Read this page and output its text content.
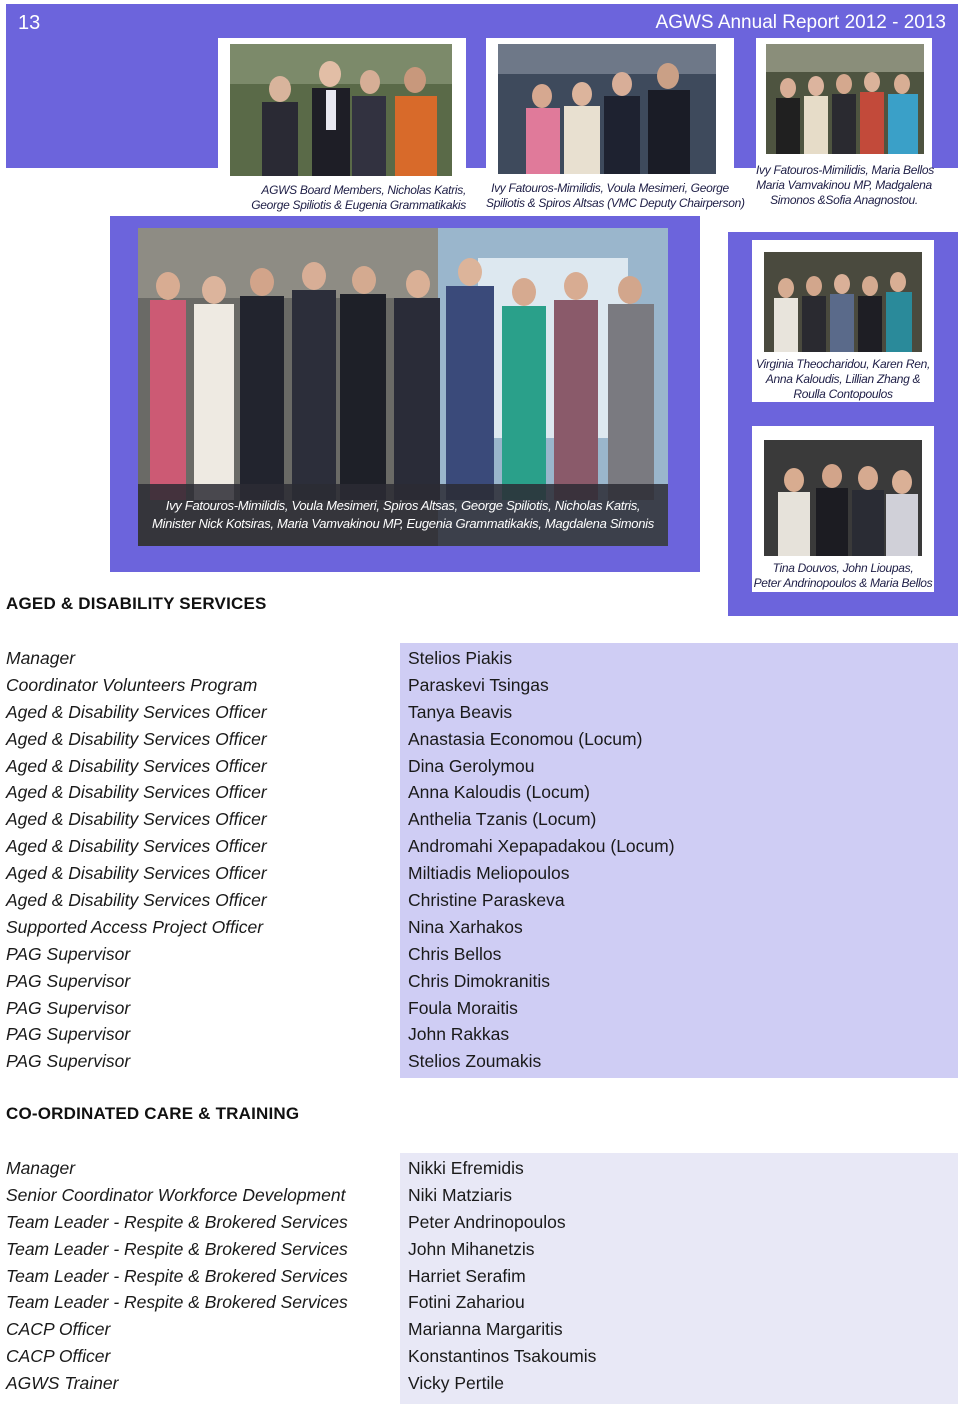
13	AGWS Annual Report 2012 - 2013
AGWS Board Members, Nicholas Katris,
George Spiliotis & Eugenia Grammatikakis
Ivy Fatouros-Mimilidis, Voula Mesimeri, George
Spiliotis & Spiros Altsas (VMC Deputy Chairperson)
Ivy Fatouros-Mimilidis, Maria Bellos
Maria Vamvakinou MP, Madgalena
Simonos &Sofia Anagnostou.
Ivy Fatouros-Mimilidis, Voula Mesimeri, Spiros Altsas, George Spiliotis, Nicholas Katris,
Minister Nick Kotsiras, Maria Vamvakinou MP, Eugenia Grammatikakis, Magdalena Simonis
Virginia Theocharidou, Karen Ren,
Anna Kaloudis, Lillian Zhang &
Roulla Contopoulos
Tina Douvos, John Lioupas,
Peter Andrinopoulos & Maria Bellos
AGED & DISABILITY SERVICES
Manager
Coordinator Volunteers Program
Aged & Disability Services Officer
Aged & Disability Services Officer
Aged & Disability Services Officer
Aged & Disability Services Officer
Aged & Disability Services Officer
Aged & Disability Services Officer
Aged & Disability Services Officer
Aged & Disability Services Officer
Supported Access Project Officer
PAG Supervisor
PAG Supervisor
PAG Supervisor
PAG Supervisor
PAG Supervisor
Stelios Piakis
Paraskevi Tsingas
Tanya Beavis
Anastasia Economou (Locum)
Dina Gerolymou
Anna Kaloudis (Locum)
Anthelia Tzanis (Locum)
Andromahi Xepapadakou (Locum)
Miltiadis Meliopoulos
Christine Paraskeva
Nina Xarhakos
Chris Bellos
Chris Dimokranitis
Foula Moraitis
John Rakkas
Stelios Zoumakis
CO-ORDINATED CARE & TRAINING
Manager
Senior Coordinator Workforce Development
Team Leader - Respite & Brokered Services
Team Leader - Respite & Brokered Services
Team Leader - Respite & Brokered Services
Team Leader - Respite & Brokered Services
CACP Officer
CACP Officer
AGWS Trainer
Nikki Efremidis
Niki Matziaris
Peter Andrinopoulos
John Mihanetzis
Harriet Serafim
Fotini Zahariou
Marianna Margaritis
Konstantinos Tsakoumis
Vicky Pertile
